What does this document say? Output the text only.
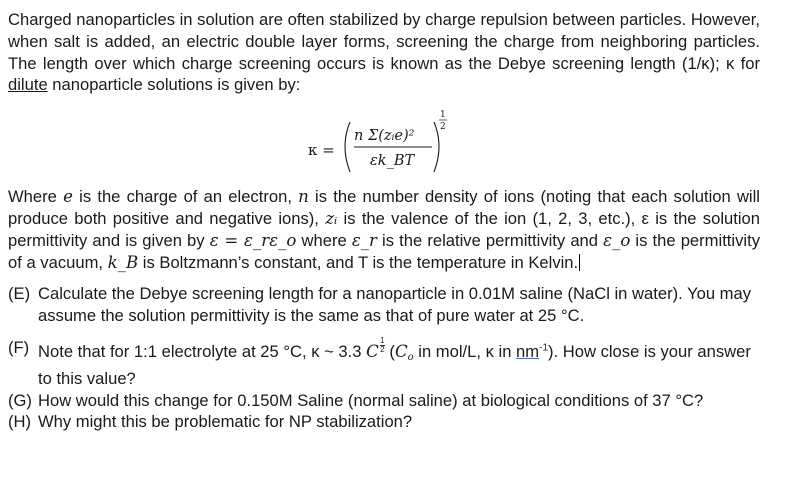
Charged nanoparticles in solution are often stabilized by charge repulsion between particles. However, when salt is added, an electric double layer forms, screening the charge from neighboring particles. The length over which charge screening occurs is known as the Debye screening length (1/κ); κ for dilute nanoparticle solutions is given by:

κ =
n Σ(zᵢe)²
εk_BT
1
2

Where e is the charge of an electron, n is the number density of ions (noting that each solution will produce both positive and negative ions), zᵢ is the valence of the ion (1, 2, 3, etc.), ε is the solution permittivity and is given by ε = ε_rε_o where ε_r is the relative permittivity and ε_o is the permittivity of a vacuum, k_B is Boltzmann’s constant, and T is the temperature in Kelvin.

(E) Calculate the Debye screening length for a nanoparticle in 0.01M saline (NaCl in water). You may assume the solution permittivity is the same as that of pure water at 25 °C.
(F) Note that for 1:1 electrolyte at 25 °C, κ ~ 3.3 C $\frac{1}{2} (Co$ in mol/L, κ in $nm^{-1}$). How close is your answer to this value?
(G) How would this change for 0.150M Saline (normal saline) at biological conditions of 37 °C?
(H) Why might this be problematic for NP stabilization?
